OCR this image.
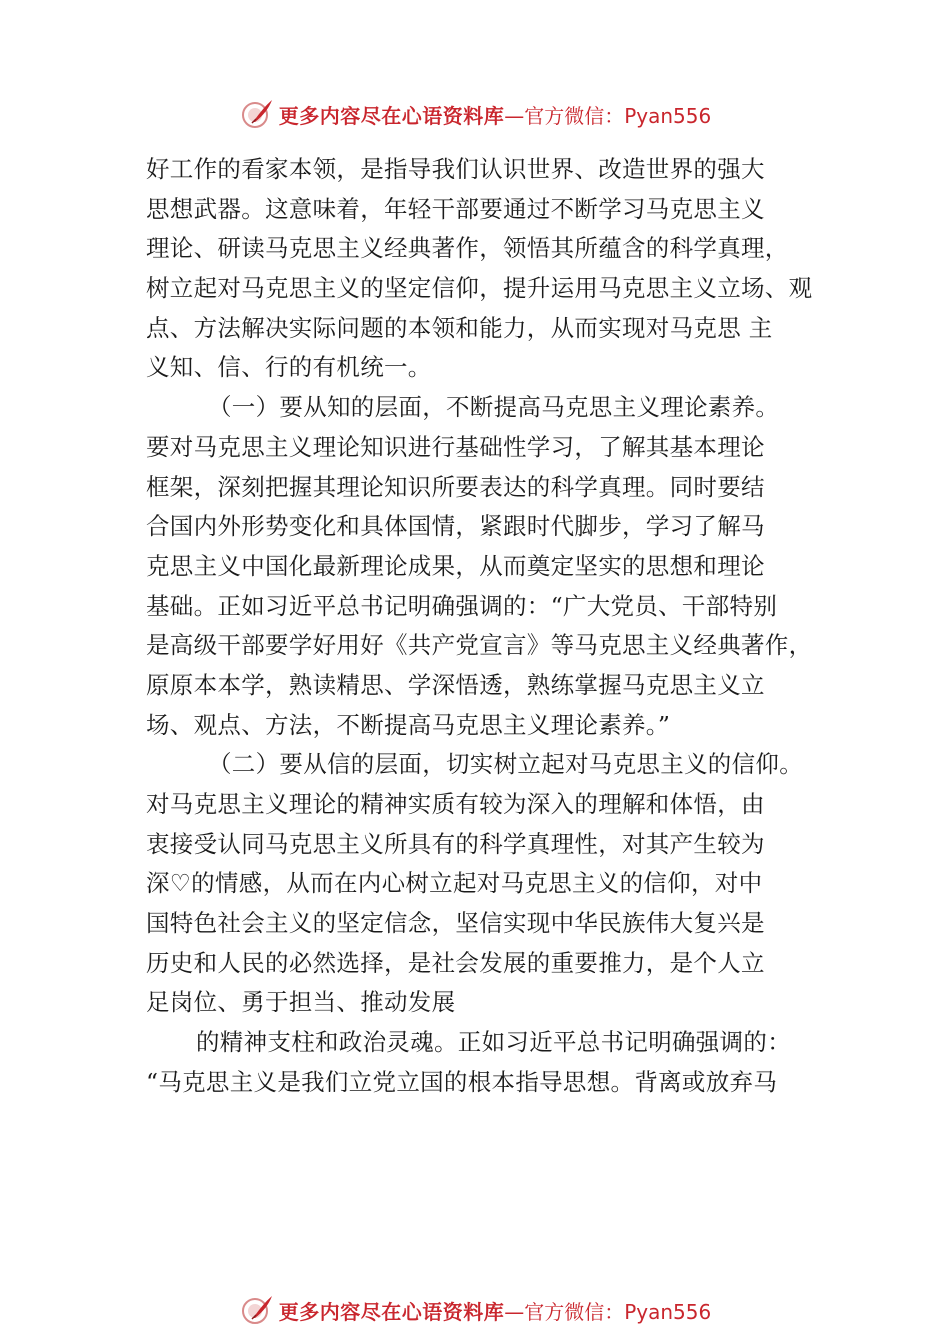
更多内容尽在心语资料库 —官方微信：Pyan556
好工作的看家本领，是指导我们认识世界、改造世界的强大
思想武器。这意味着，年轻干部要通过不断学习马克思主义
理论、研读马克思主义经典著作，领悟其所蕴含的科学真理，
树立起对马克思主义的坚定信仰，提升运用马克思主义立场、观
点、方法解决实际问题的本领和能力，从而实现对马克思 主
义知、信、行的有机统一。
（一）要从知的层面，不断提高马克思主义理论素养。
要对马克思主义理论知识进行基础性学习，了解其基本理论
框架，深刻把握其理论知识所要表达的科学真理。同时要结
合国内外形势变化和具体国情，紧跟时代脚步，学习了解马
克思主义中国化最新理论成果，从而奠定坚实的思想和理论
基础。正如习近平总书记明确强调的：“广大党员、干部特别
是高级干部要学好用好《共产党宣言》等马克思主义经典著作，
原原本本学，熟读精思、学深悟透，熟练掌握马克思主义立
场、观点、方法，不断提高马克思主义理论素养。”
（二）要从信的层面，切实树立起对马克思主义的信仰。
对马克思主义理论的精神实质有较为深入的理解和体悟，由
衷接受认同马克思主义所具有的科学真理性，对其产生较为
深♡的情感，从而在内心树立起对马克思主义的信仰，对中
国特色社会主义的坚定信念，坚信实现中华民族伟大复兴是
历史和人民的必然选择，是社会发展的重要推力，是个人立
足岗位、勇于担当、推动发展
的精神支柱和政治灵魂。正如习近平总书记明确强调的：
“马克思主义是我们立党立国的根本指导思想。背离或放弃马
更多内容尽在心语资料库 —官方微信：Pyan556
